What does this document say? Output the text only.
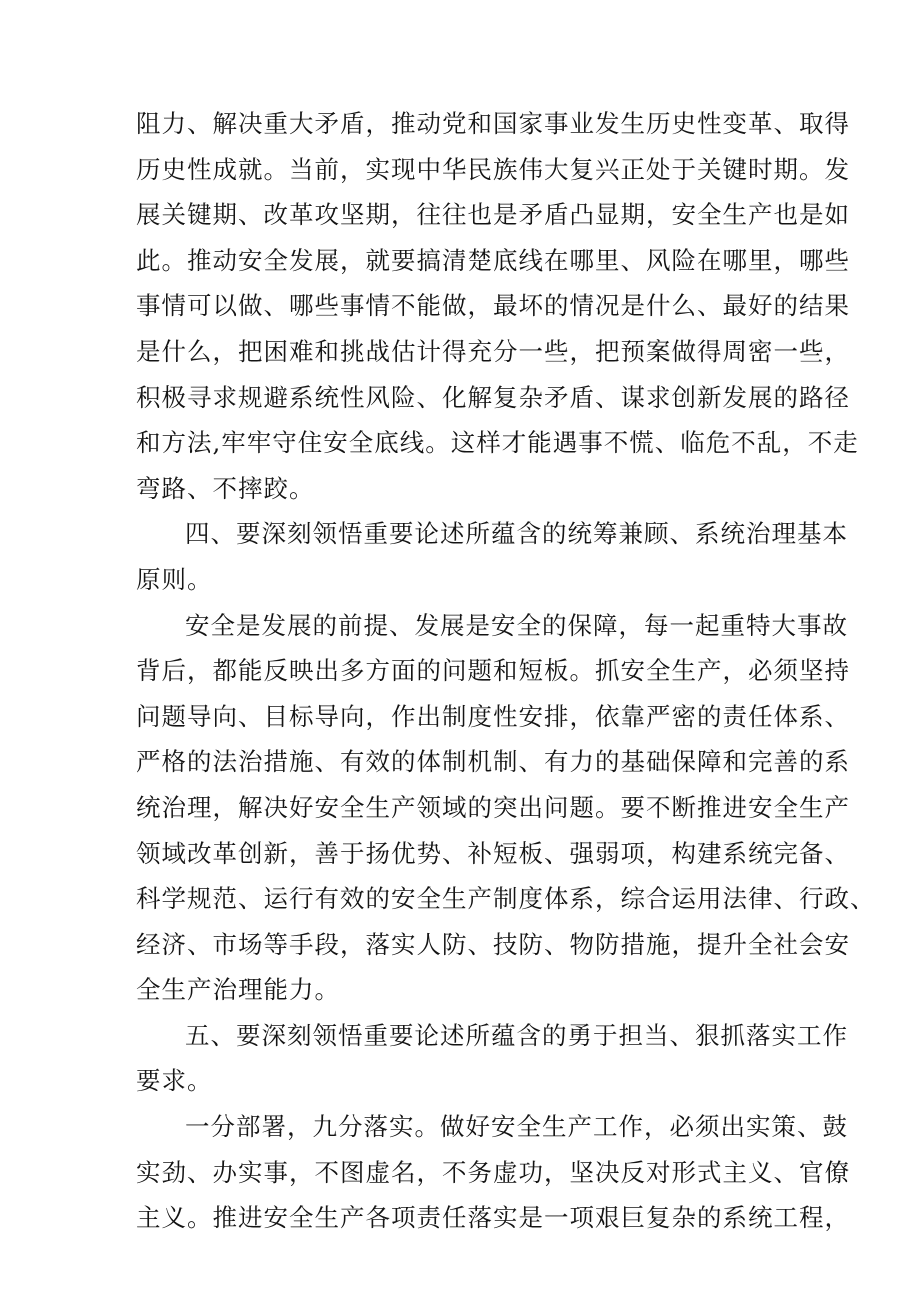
阻力、解决重大矛盾，推动党和国家事业发生历史性变革、取得
历史性成就。当前，实现中华民族伟大复兴正处于关键时期。发
展关键期、改革攻坚期，往往也是矛盾凸显期，安全生产也是如
此。推动安全发展，就要搞清楚底线在哪里、风险在哪里，哪些
事情可以做、哪些事情不能做，最坏的情况是什么、最好的结果
是什么，把困难和挑战估计得充分一些，把预案做得周密一些，
积极寻求规避系统性风险、化解复杂矛盾、谋求创新发展的路径
和方法,牢牢守住安全底线。这样才能遇事不慌、临危不乱，不走
弯路、不摔跤。
四、要深刻领悟重要论述所蕴含的统筹兼顾、系统治理基本
原则。
安全是发展的前提、发展是安全的保障，每一起重特大事故
背后，都能反映出多方面的问题和短板。抓安全生产，必须坚持
问题导向、目标导向，作出制度性安排，依靠严密的责任体系、
严格的法治措施、有效的体制机制、有力的基础保障和完善的系
统治理，解决好安全生产领域的突出问题。要不断推进安全生产
领域改革创新，善于扬优势、补短板、强弱项，构建系统完备、
科学规范、运行有效的安全生产制度体系，综合运用法律、行政、
经济、市场等手段，落实人防、技防、物防措施，提升全社会安
全生产治理能力。
五、要深刻领悟重要论述所蕴含的勇于担当、狠抓落实工作
要求。
一分部署，九分落实。做好安全生产工作，必须出实策、鼓
实劲、办实事，不图虚名，不务虚功，坚决反对形式主义、官僚
主义。推进安全生产各项责任落实是一项艰巨复杂的系统工程，
